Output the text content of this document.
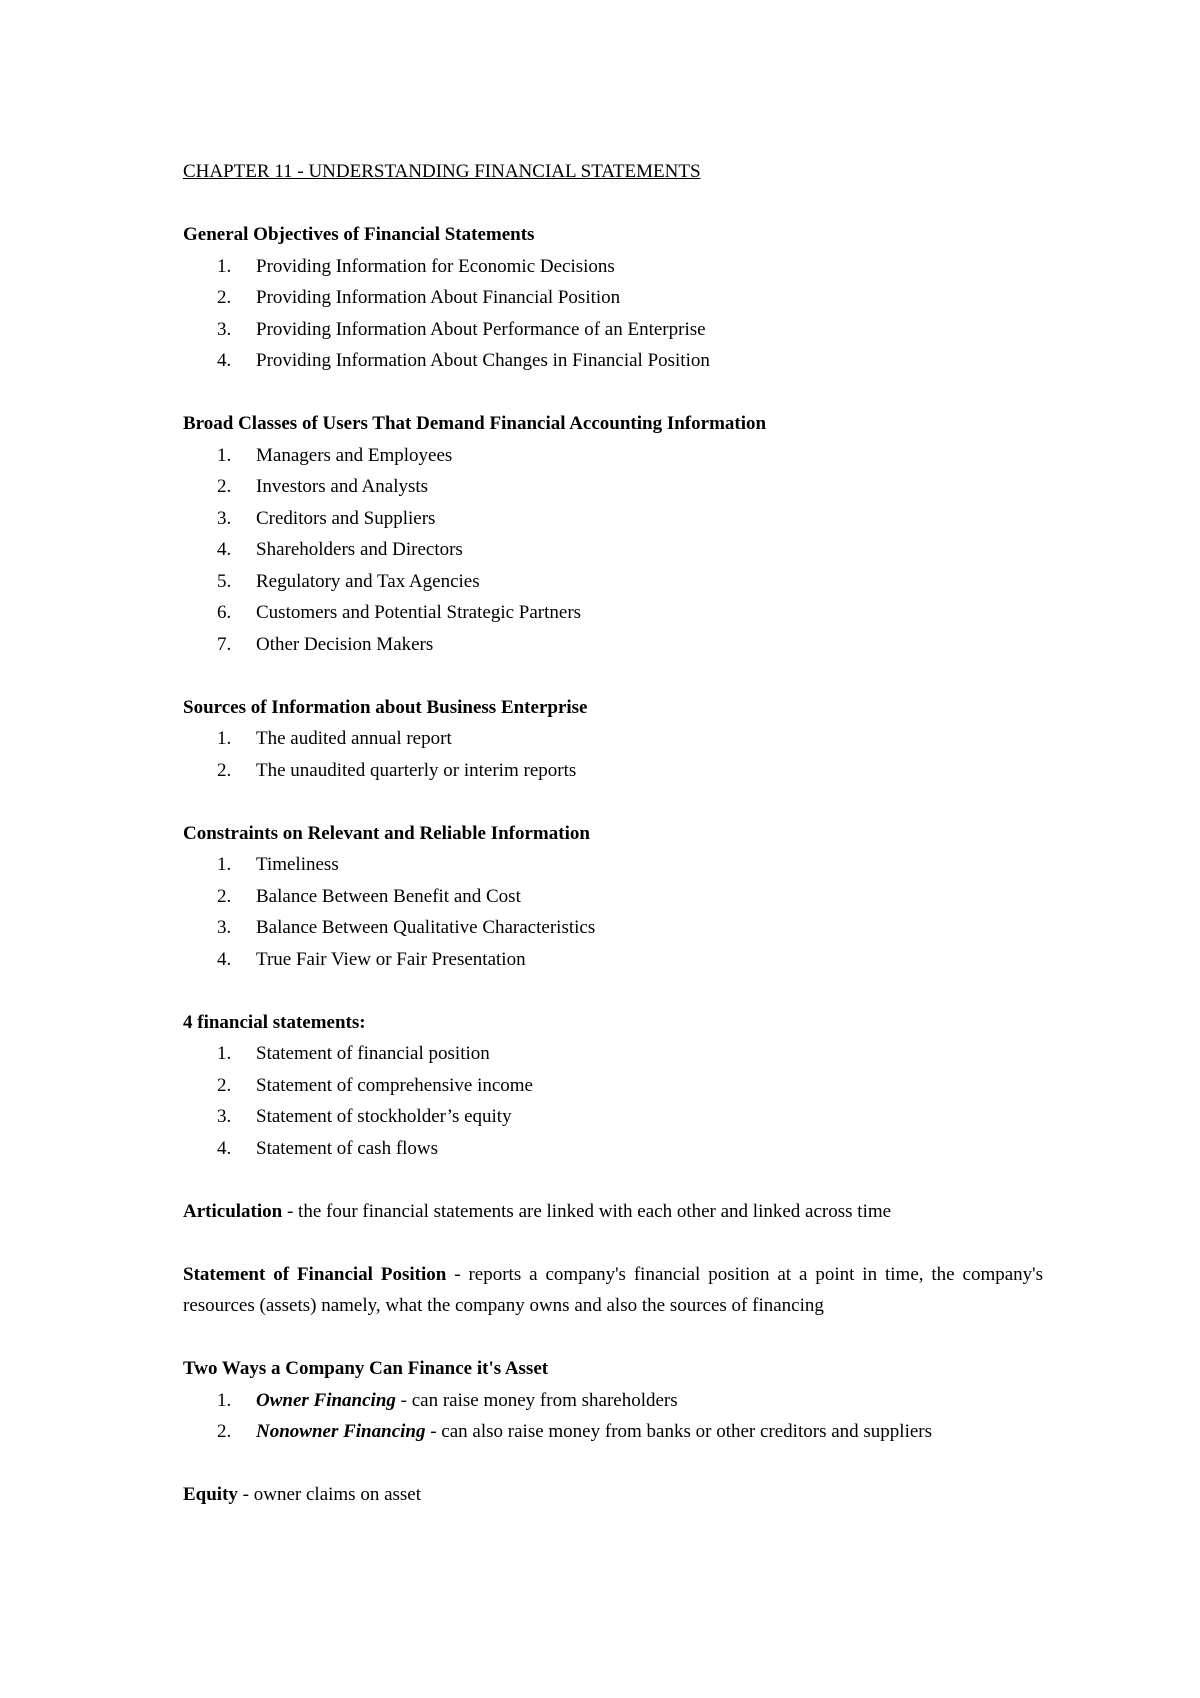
CHAPTER 11 - UNDERSTANDING FINANCIAL STATEMENTS

General Objectives of Financial Statements

1. Providing Information for Economic Decisions
2. Providing Information About Financial Position
3. Providing Information About Performance of an Enterprise
4. Providing Information About Changes in Financial Position

Broad Classes of Users That Demand Financial Accounting Information

1. Managers and Employees
2. Investors and Analysts
3. Creditors and Suppliers
4. Shareholders and Directors
5. Regulatory and Tax Agencies
6. Customers and Potential Strategic Partners
7. Other Decision Makers

Sources of Information about Business Enterprise

1. The audited annual report
2. The unaudited quarterly or interim reports

Constraints on Relevant and Reliable Information

1. Timeliness
2. Balance Between Benefit and Cost
3. Balance Between Qualitative Characteristics
4. True Fair View or Fair Presentation

4 financial statements:

1. Statement of financial position
2. Statement of comprehensive income
3. Statement of stockholder’s equity
4. Statement of cash flows

Articulation - the four financial statements are linked with each other and linked across time

Statement of Financial Position - reports a company's financial position at a point in time, the company's resources (assets) namely, what the company owns and also the sources of financing

Two Ways a Company Can Finance it's Asset

1. Owner Financing - can raise money from shareholders
2. Nonowner Financing - can also raise money from banks or other creditors and suppliers

Equity - owner claims on asset
